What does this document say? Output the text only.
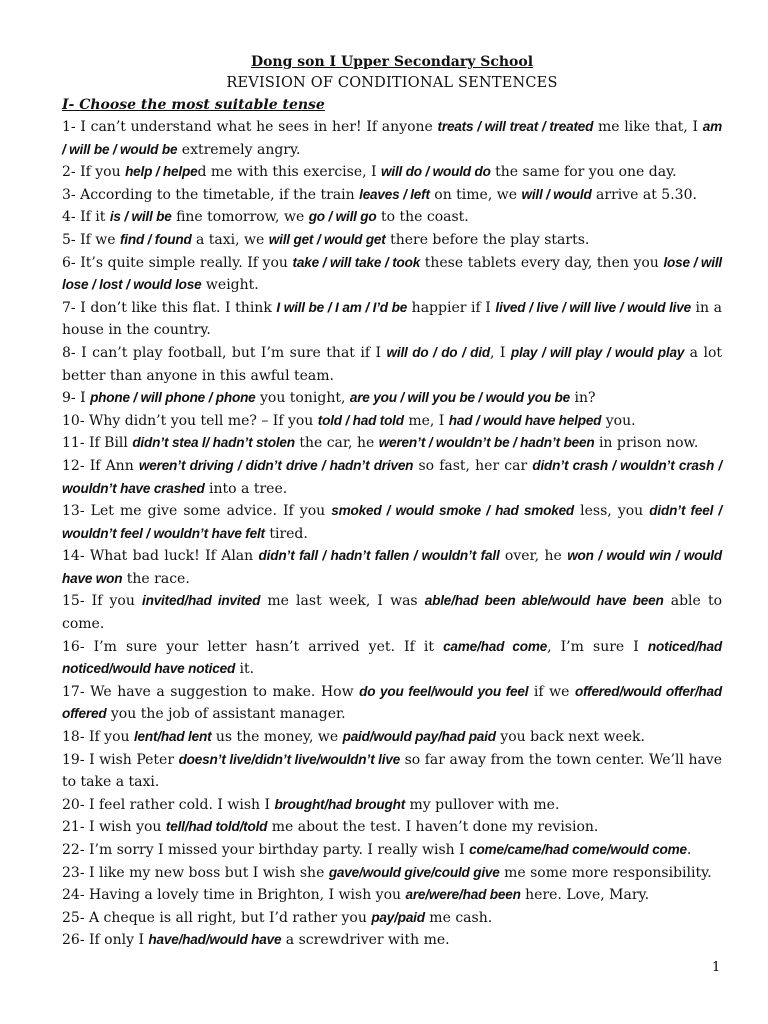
Dong son I Upper Secondary School
REVISION OF CONDITIONAL SENTENCES
I- Choose the most suitable tense

1- I can’t understand what he sees in her! If anyone treats / will treat / treated me like that, I am / will be / would be extremely angry.

2- If you help / helped me with this exercise, I will do / would do the same for you one day.

3- According to the timetable, if the train leaves / left on time, we will / would arrive at 5.30.

4- If it is / will be fine tomorrow, we go / will go to the coast.

5- If we find / found a taxi, we will get / would get there before the play starts.

6- It’s quite simple really. If you take / will take / took these tablets every day, then you lose / will lose / lost / would lose weight.

7- I don’t like this flat. I think I will be / I am / I’d be happier if I lived / live / will live / would live in a house in the country.

8- I can’t play football, but I’m sure that if I will do / do / did, I play / will play / would play a lot better than anyone in this awful team.

9- I phone / will phone / phone you tonight, are you / will you be / would you be in?

10- Why didn’t you tell me? – If you told / had told me, I had / would have helped you.

11- If Bill didn’t stea l/ hadn’t stolen the car, he weren’t / wouldn’t be / hadn’t been in prison now.

12- If Ann weren’t driving / didn’t drive / hadn’t driven so fast, her car didn’t crash / wouldn’t crash / wouldn’t have crashed into a tree.

13- Let me give some advice. If you smoked / would smoke / had smoked less, you didn’t feel / wouldn’t feel / wouldn’t have felt tired.

14- What bad luck! If Alan didn’t fall / hadn’t fallen / wouldn’t fall over, he won / would win / would have won the race.

15- If you invited/had invited me last week, I was able/had been able/would have been able to come.

16- I’m sure your letter hasn’t arrived yet. If it came/had come, I’m sure I noticed/had noticed/would have noticed it.

17- We have a suggestion to make. How do you feel/would you feel if we offered/would offer/had offered you the job of assistant manager.

18- If you lent/had lent us the money, we paid/would pay/had paid you back next week.

19- I wish Peter doesn’t live/didn’t live/wouldn’t live so far away from the town center. We’ll have to take a taxi.

20- I feel rather cold. I wish I brought/had brought my pullover with me.

21- I wish you tell/had told/told me about the test. I haven’t done my revision.

22- I’m sorry I missed your birthday party. I really wish I come/came/had come/would come.

23- I like my new boss but I wish she gave/would give/could give me some more responsibility.

24- Having a lovely time in Brighton, I wish you are/were/had been here. Love, Mary.

25- A cheque is all right, but I’d rather you pay/paid me cash.

26- If only I have/had/would have a screwdriver with me.

1
